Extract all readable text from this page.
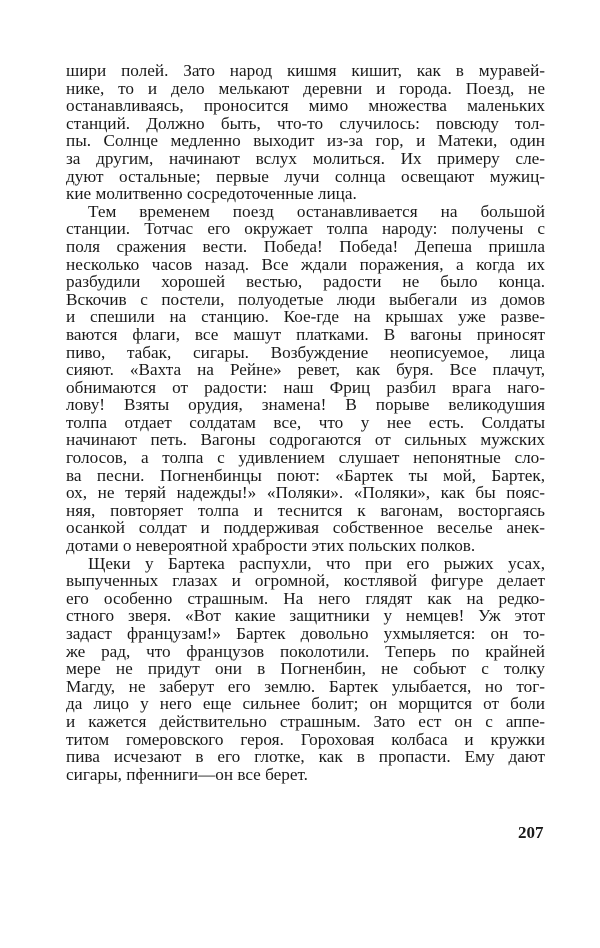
шири полей. Зато народ кишмя кишит, как в муравей-
нике, то и дело мелькают деревни и города. Поезд, не
останавливаясь, проносится мимо множества маленьких
станций. Должно быть, что-то случилось: повсюду тол-
пы. Солнце медленно выходит из-за гор, и Матеки, один
за другим, начинают вслух молиться. Их примеру сле-
дуют остальные; первые лучи солнца освещают мужиц-
кие молитвенно сосредоточенные лица.
Тем временем поезд останавливается на большой
станции. Тотчас его окружает толпа народу: получены с
поля сражения вести. Победа! Победа! Депеша пришла
несколько часов назад. Все ждали поражения, а когда их
разбудили хорошей вестью, радости не было конца.
Вскочив с постели, полуодетые люди выбегали из домов
и спешили на станцию. Кое-где на крышах уже разве-
ваются флаги, все машут платками. В вагоны приносят
пиво, табак, сигары. Возбуждение неописуемое, лица
сияют. «Вахта на Рейне» ревет, как буря. Все плачут,
обнимаются от радости: наш Фриц разбил врага наго-
лову! Взяты орудия, знамена! В порыве великодушия
толпа отдает солдатам все, что у нее есть. Солдаты
начинают петь. Вагоны содрогаются от сильных мужских
голосов, а толпа с удивлением слушает непонятные сло-
ва песни. Погненбинцы поют: «Бартек ты мой, Бартек,
ох, не теряй надежды!» «Поляки». «Поляки», как бы пояс-
няя, повторяет толпа и теснится к вагонам, восторгаясь
осанкой солдат и поддерживая собственное веселье анек-
дотами о невероятной храбрости этих польских полков.
Щеки у Бартека распухли, что при его рыжих усах,
выпученных глазах и огромной, костлявой фигуре делает
его особенно страшным. На него глядят как на редко-
стного зверя. «Вот какие защитники у немцев! Уж этот
задаст французам!» Бартек довольно ухмыляется: он то-
же рад, что французов поколотили. Теперь по крайней
мере не придут они в Погненбин, не собьют с толку
Магду, не заберут его землю. Бартек улыбается, но тог-
да лицо у него еще сильнее болит; он морщится от боли
и кажется действительно страшным. Зато ест он с аппе-
титом гомеровского героя. Гороховая колбаса и кружки
пива исчезают в его глотке, как в пропасти. Ему дают
сигары, пфенниги—он все берет.
207
